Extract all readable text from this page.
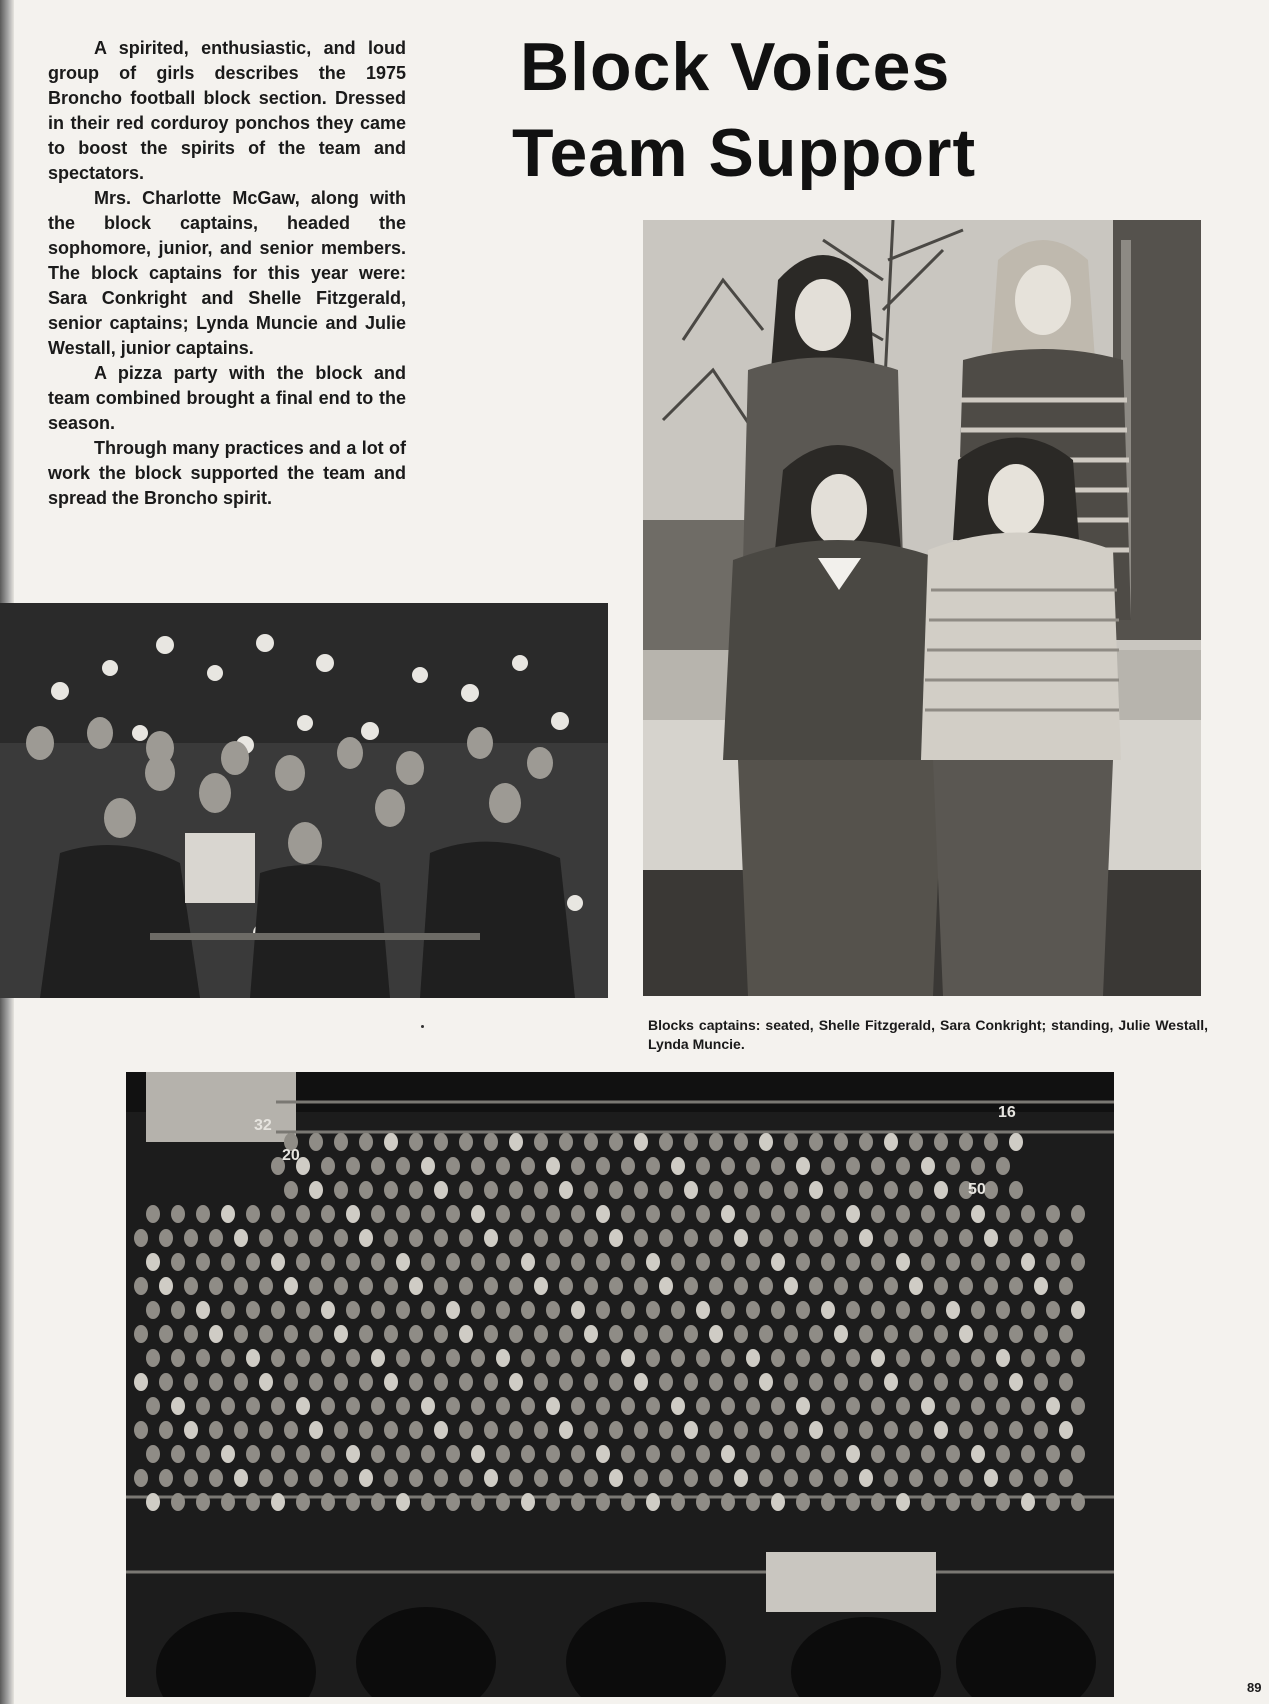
A spirited, enthusiastic, and loud group of girls describes the 1975 Broncho football block section. Dressed in their red corduroy ponchos they came to boost the spirits of the team and spectators.

Mrs. Charlotte McGaw, along with the block captains, headed the sophomore, junior, and senior members. The block captains for this year were: Sara Conkright and Shelle Fitzgerald, senior captains; Lynda Muncie and Julie Westall, junior captains.

A pizza party with the block and team combined brought a final end to the season.

Through many practices and a lot of work the block supported the team and spread the Broncho spirit.

Block Voices
Team Support
Blocks captains: seated, Shelle Fitzgerald, Sara Conkright; standing, Julie Westall, Lynda Muncie.
32
20
16
50
89
